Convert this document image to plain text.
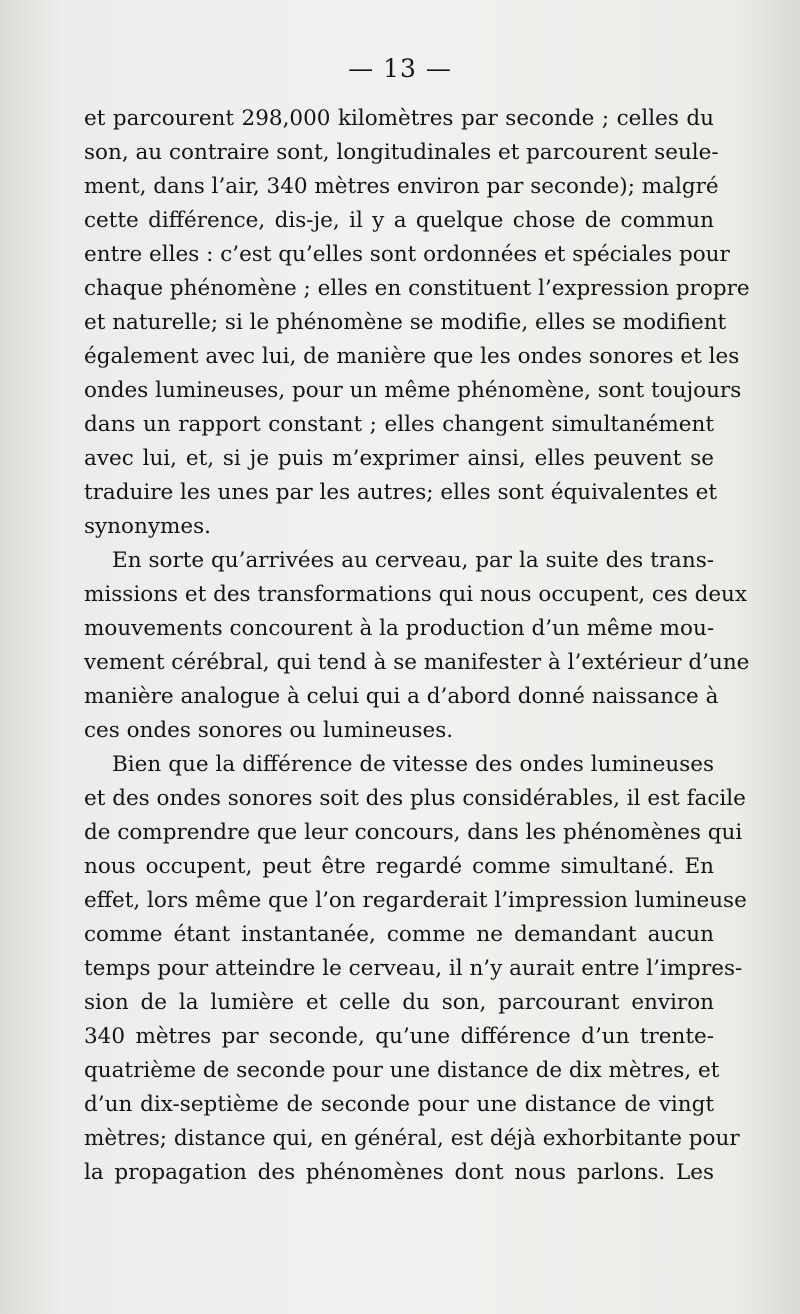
— 13 —
et parcourent 298,000 kilomètres par seconde ; celles du
son, au contraire sont, longitudinales et parcourent seule-
ment, dans l’air, 340 mètres environ par seconde); malgré
cette différence, dis-je, il y a quelque chose de commun
entre elles : c’est qu’elles sont ordonnées et spéciales pour
chaque phénomène ; elles en constituent l’expression propre
et naturelle; si le phénomène se modifie, elles se modifient
également avec lui, de manière que les ondes sonores et les
ondes lumineuses, pour un même phénomène, sont toujours
dans un rapport constant ; elles changent simultanément
avec lui, et, si je puis m’exprimer ainsi, elles peuvent se
traduire les unes par les autres; elles sont équivalentes et
synonymes.
En sorte qu’arrivées au cerveau, par la suite des trans-
missions et des transformations qui nous occupent, ces deux
mouvements concourent à la production d’un même mou-
vement cérébral, qui tend à se manifester à l’extérieur d’une
manière analogue à celui qui a d’abord donné naissance à
ces ondes sonores ou lumineuses.
Bien que la différence de vitesse des ondes lumineuses
et des ondes sonores soit des plus considérables, il est facile
de comprendre que leur concours, dans les phénomènes qui
nous occupent, peut être regardé comme simultané. En
effet, lors même que l’on regarderait l’impression lumineuse
comme étant instantanée, comme ne demandant aucun
temps pour atteindre le cerveau, il n’y aurait entre l’impres-
sion de la lumière et celle du son, parcourant environ
340 mètres par seconde, qu’une différence d’un trente-
quatrième de seconde pour une distance de dix mètres, et
d’un dix-septième de seconde pour une distance de vingt
mètres; distance qui, en général, est déjà exhorbitante pour
la propagation des phénomènes dont nous parlons. Les
